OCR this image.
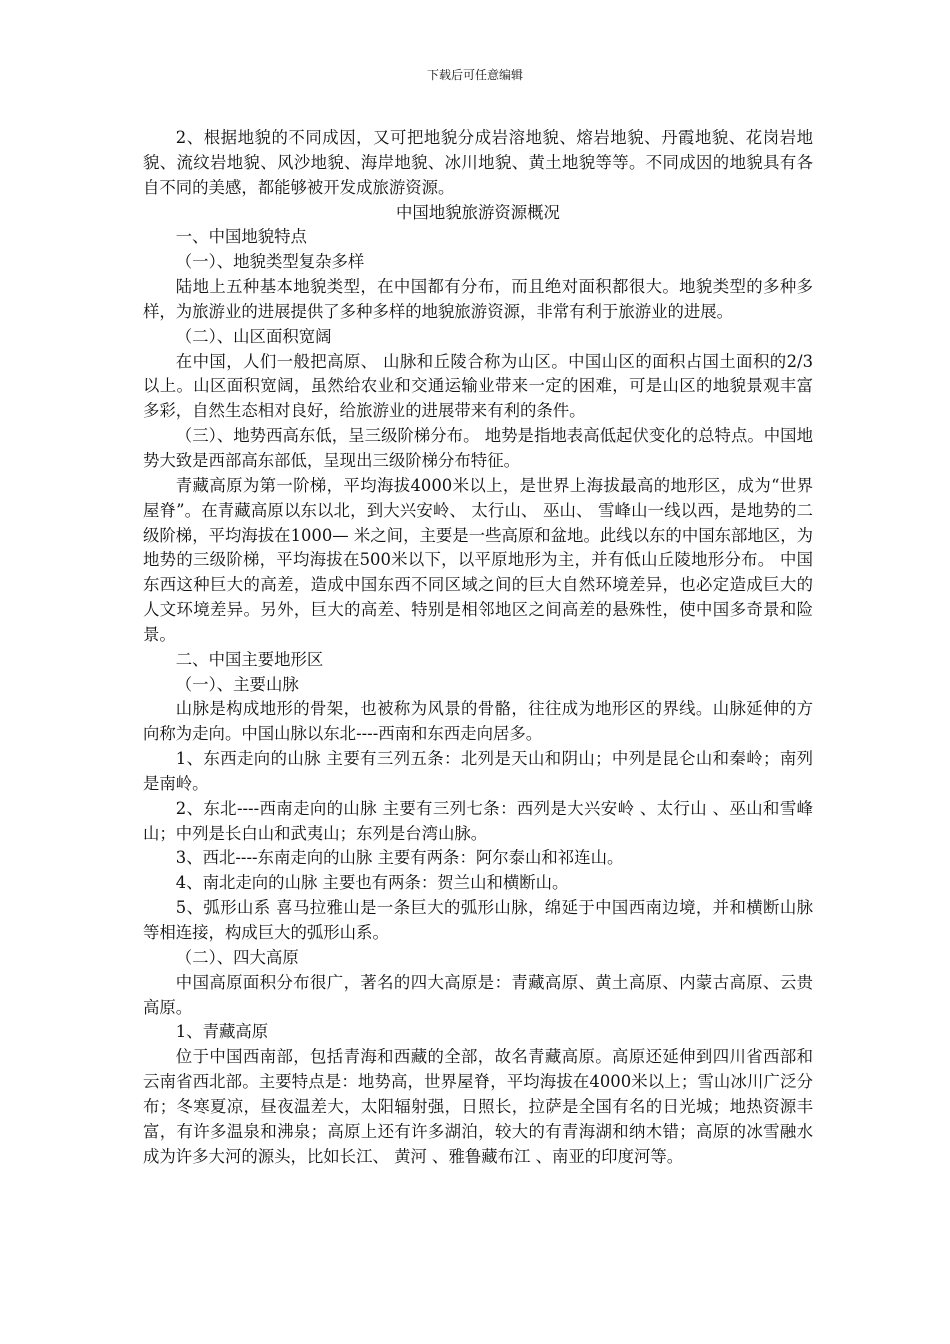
下载后可任意编辑

2、根据地貌的不同成因，又可把地貌分成岩溶地貌、熔岩地貌、丹霞地貌、花岗岩地貌、流纹岩地貌、风沙地貌、海岸地貌、冰川地貌、黄土地貌等等。不同成因的地貌具有各自不同的美感，都能够被开发成旅游资源。

中国地貌旅游资源概况

一、中国地貌特点

（一）、地貌类型复杂多样

陆地上五种基本地貌类型，在中国都有分布，而且绝对面积都很大。地貌类型的多种多样，为旅游业的进展提供了多种多样的地貌旅游资源，非常有利于旅游业的进展。

（二）、山区面积宽阔

在中国，人们一般把高原、 山脉和丘陵合称为山区。中国山区的面积占国土面积的2/3以上。山区面积宽阔，虽然给农业和交通运输业带来一定的困难，可是山区的地貌景观丰富多彩，自然生态相对良好，给旅游业的进展带来有利的条件。

（三）、地势西高东低，呈三级阶梯分布。 地势是指地表高低起伏变化的总特点。中国地势大致是西部高东部低，呈现出三级阶梯分布特征。

青藏高原为第一阶梯，平均海拔4000米以上，是世界上海拔最高的地形区，成为“世界屋脊”。在青藏高原以东以北，到大兴安岭、 太行山、 巫山、 雪峰山一线以西，是地势的二级阶梯，平均海拔在1000— 米之间，主要是一些高原和盆地。此线以东的中国东部地区，为地势的三级阶梯，平均海拔在500米以下，以平原地形为主，并有低山丘陵地形分布。 中国东西这种巨大的高差，造成中国东西不同区域之间的巨大自然环境差异，也必定造成巨大的人文环境差异。另外，巨大的高差、特别是相邻地区之间高差的悬殊性，使中国多奇景和险景。

二、中国主要地形区

（一）、主要山脉

山脉是构成地形的骨架，也被称为风景的骨骼，往往成为地形区的界线。山脉延伸的方向称为走向。中国山脉以东北----西南和东西走向居多。

1、东西走向的山脉 主要有三列五条：北列是天山和阴山；中列是昆仑山和秦岭；南列是南岭。

2、东北----西南走向的山脉 主要有三列七条：西列是大兴安岭 、太行山 、巫山和雪峰山；中列是长白山和武夷山；东列是台湾山脉。

3、西北----东南走向的山脉 主要有两条：阿尔泰山和祁连山。

4、南北走向的山脉 主要也有两条：贺兰山和横断山。

5、弧形山系 喜马拉雅山是一条巨大的弧形山脉，绵延于中国西南边境，并和横断山脉等相连接，构成巨大的弧形山系。

（二）、四大高原

中国高原面积分布很广，著名的四大高原是：青藏高原、黄土高原、内蒙古高原、云贵高原。

1、青藏高原

位于中国西南部，包括青海和西藏的全部，故名青藏高原。高原还延伸到四川省西部和云南省西北部。主要特点是：地势高，世界屋脊，平均海拔在4000米以上；雪山冰川广泛分布；冬寒夏凉，昼夜温差大，太阳辐射强，日照长，拉萨是全国有名的日光城；地热资源丰富，有许多温泉和沸泉；高原上还有许多湖泊，较大的有青海湖和纳木错；高原的冰雪融水成为许多大河的源头，比如长江、 黄河 、雅鲁藏布江 、南亚的印度河等。
